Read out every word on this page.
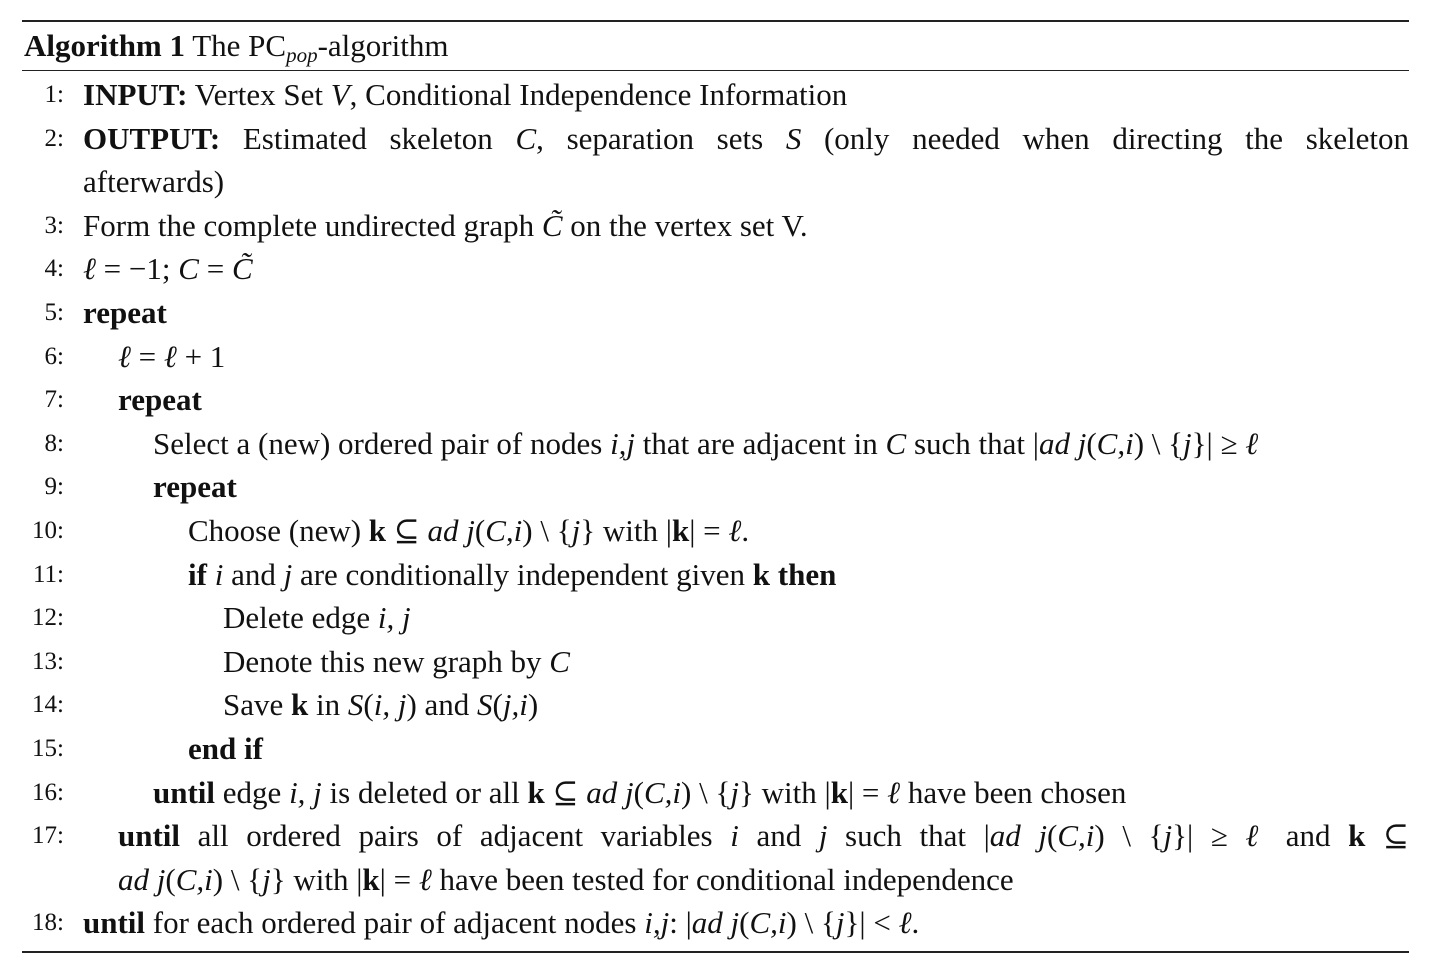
Algorithm 1 The $PC_{pop}$-algorithm
1: INPUT: Vertex Set V, Conditional Independence Information
2: OUTPUT: Estimated skeleton C, separation sets S (only needed when directing the skeleton
afterwards)
3: Form the complete undirected graph C̃ on the vertex set V.
4: ℓ = −1; C = C̃
5: repeat
6: ℓ = ℓ + 1
7: repeat
8:	Select a (new) ordered pair of nodes i,j that are adjacent in C such that |ad j(C,i) \ {j}| ≥ ℓ
9:	repeat
10:	Choose (new) k ⊆ ad j(C,i) \ {j} with |k| = ℓ.
11:	if i and j are conditionally independent given k then
12:	Delete edge i, j
13:	Denote this new graph by C
14:	Save k in S(i, j) and S(j,i)
15:	end if
16:	until edge i, j is deleted or all k ⊆ ad j(C,i) \ {j} with |k| = ℓ have been chosen
17: until all ordered pairs of adjacent variables i and j such that |ad j(C,i) \ {j}| ≥ ℓ and k ⊆
ad j(C,i) \ {j} with |k| = ℓ have been tested for conditional independence
18: until for each ordered pair of adjacent nodes i,j: |ad j(C,i) \ {j}| < ℓ.
